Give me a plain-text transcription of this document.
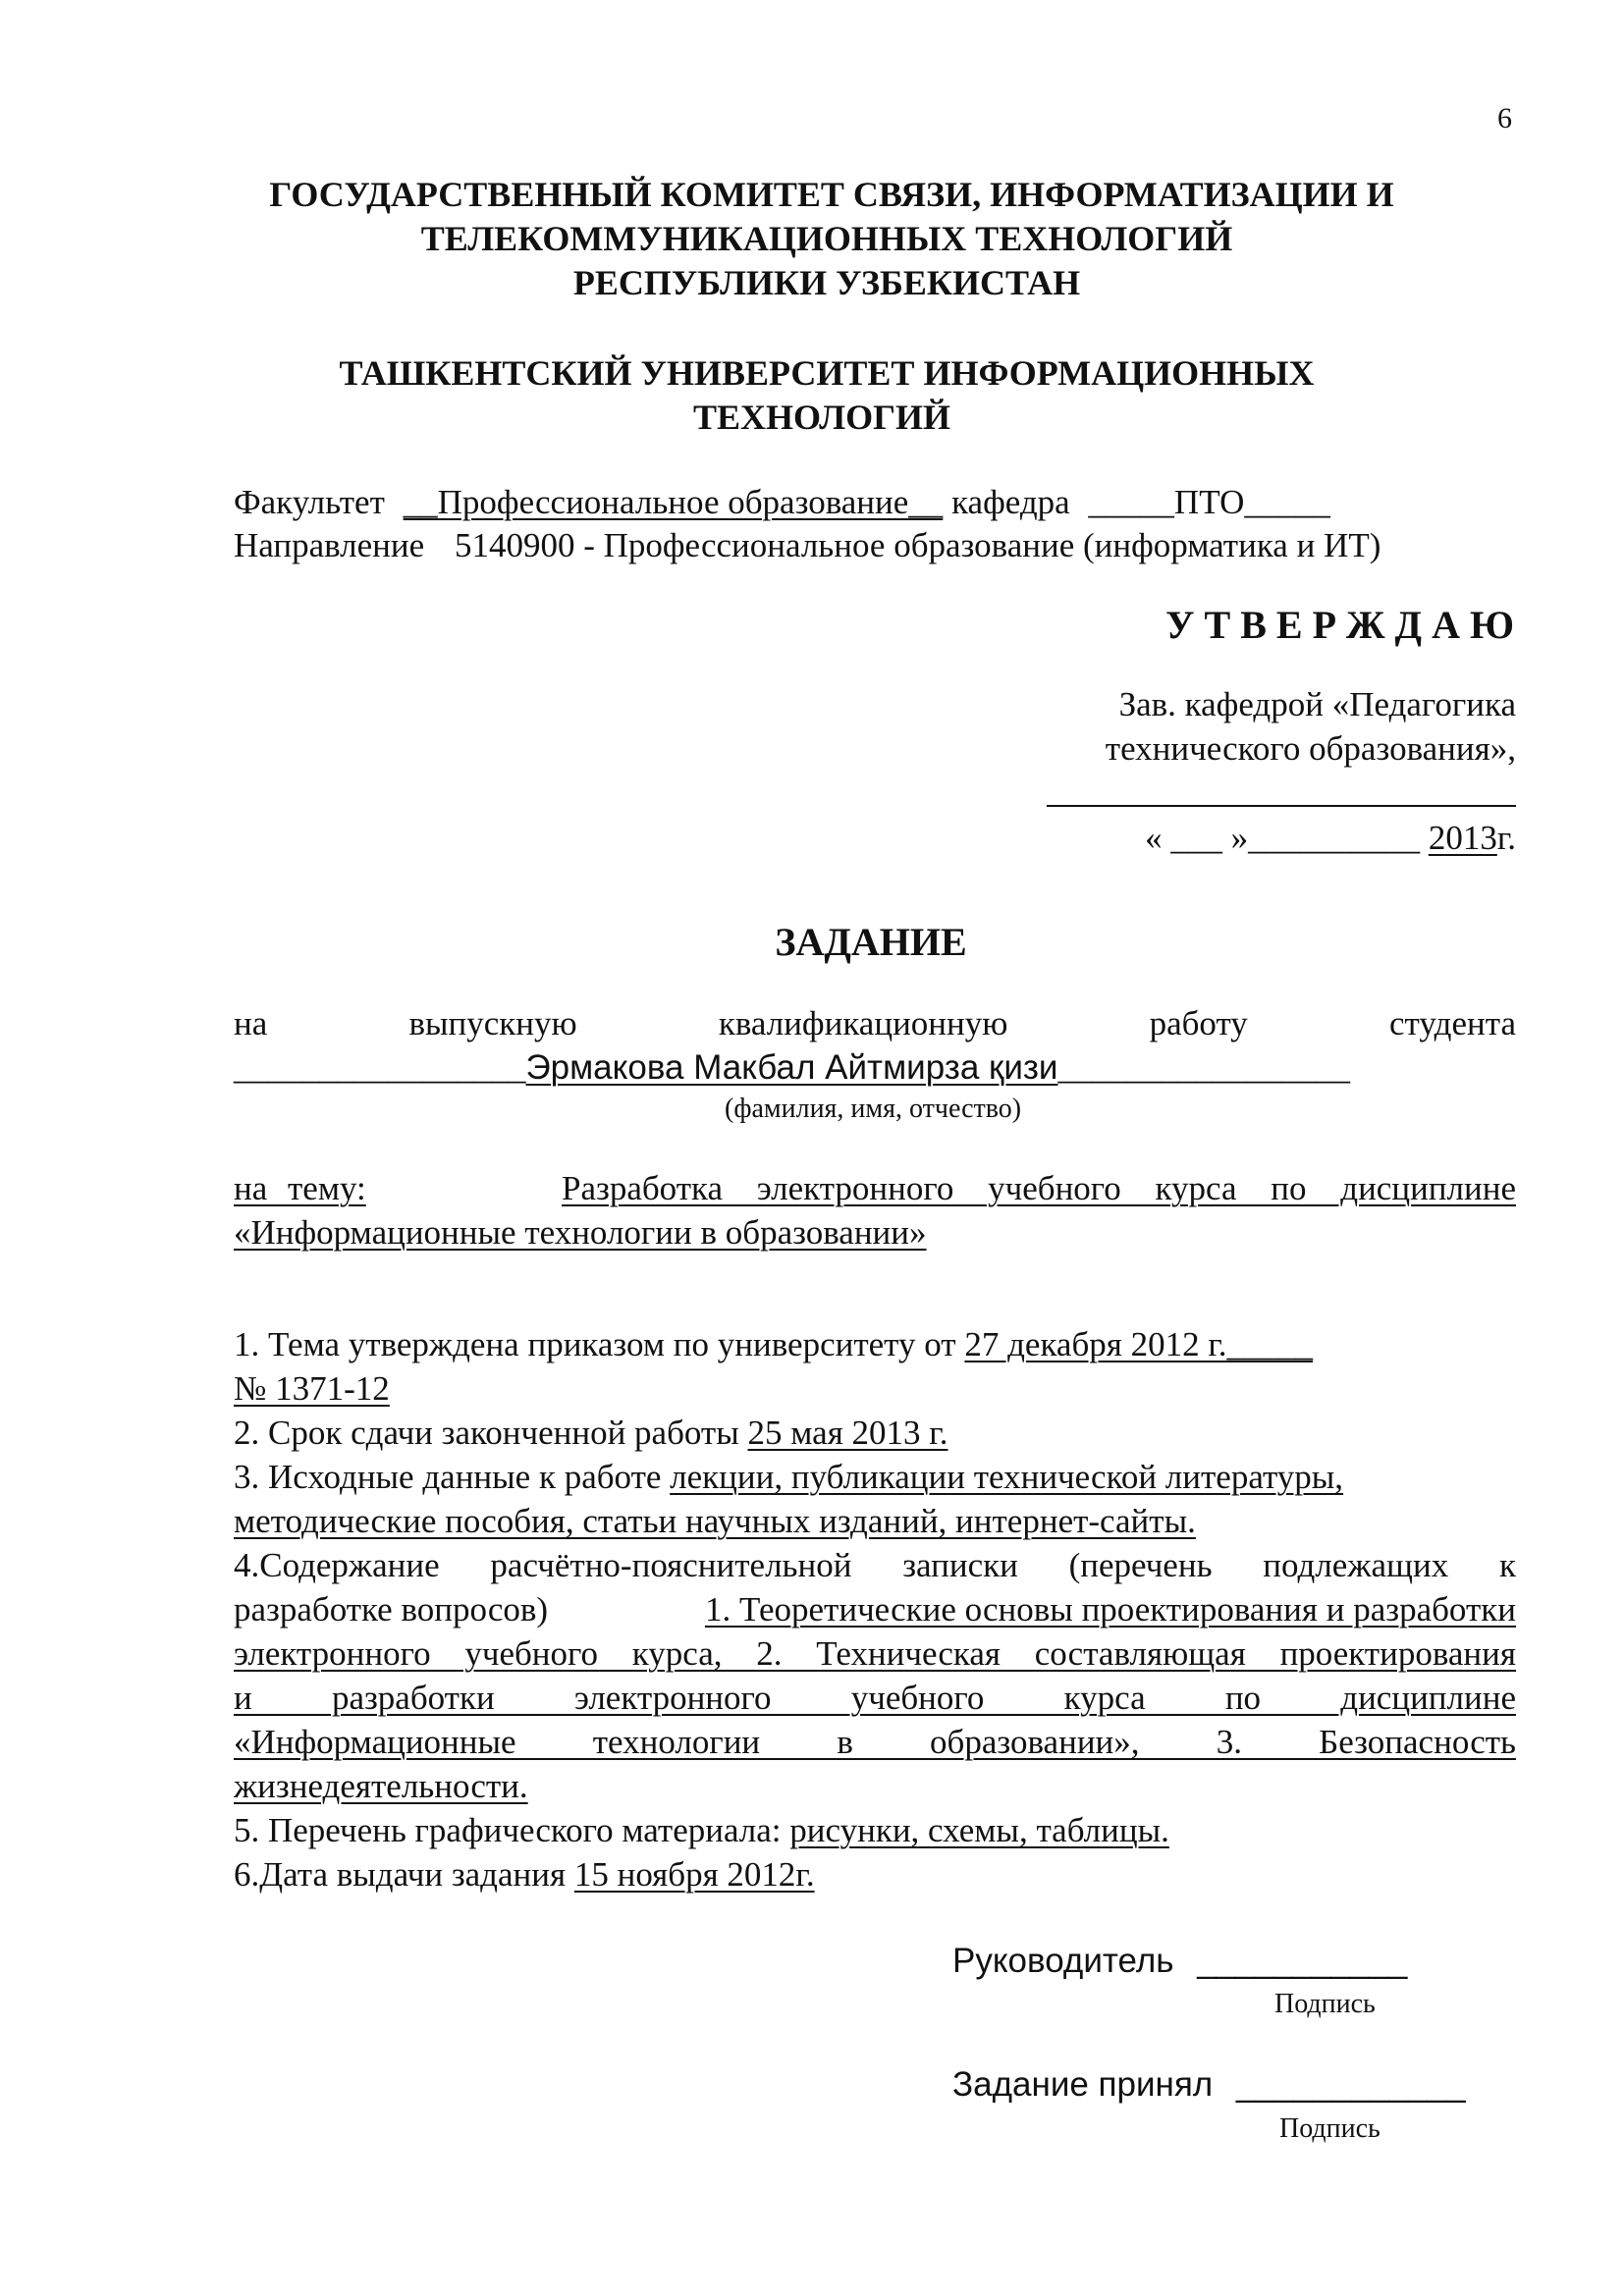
6
ГОСУДАРСТВЕННЫЙ КОМИТЕТ СВЯЗИ, ИНФОРМАТИЗАЦИИ И
ТЕЛЕКОММУНИКАЦИОННЫХ ТЕХНОЛОГИЙ
РЕСПУБЛИКИ УЗБЕКИСТАН
ТАШКЕНТСКИЙ УНИВЕРСИТЕТ ИНФОРМАЦИОННЫХ
ТЕХНОЛОГИЙ
Факультет __Профессиональное образование__ кафедра _____ПТО_____
Направление 5140900 - Профессиональное образование (информатика и ИТ)
У Т В Е Р Ж Д А Ю
Зав. кафедрой «Педагогика
технического образования»,
« ___ »__________ 2013г.
ЗАДАНИЕ
на	выпускную	квалификационную	работу	студента
_________________Эрмакова Макбал Айтмирза қизи_________________
(фамилия, имя, отчество)
на тему:	Разработка электронного учебного курса по дисциплине
«Информационные технологии в образовании»
1. Тема утверждена приказом по университету от 27 декабря 2012 г._____
№ 1371-12
2. Срок сдачи законченной работы 25 мая 2013 г.
3. Исходные данные к работе лекции, публикации технической литературы,
методические пособия, статьи научных изданий, интернет-сайты.
4.Содержание расчётно-пояснительной записки (перечень подлежащих к
разработке вопросов)	1. Теоретические основы проектирования и разработки
электронного учебного курса, 2. Техническая составляющая проектирования
и разработки электронного учебного курса по дисциплине
«Информационные технологии в образовании», 3. Безопасность
жизнедеятельности.
5. Перечень графического материала: рисунки, схемы, таблицы.
6.Дата выдачи задания 15 ноября 2012г.
Руководитель ___________
Подпись
Задание принял ____________
Подпись
